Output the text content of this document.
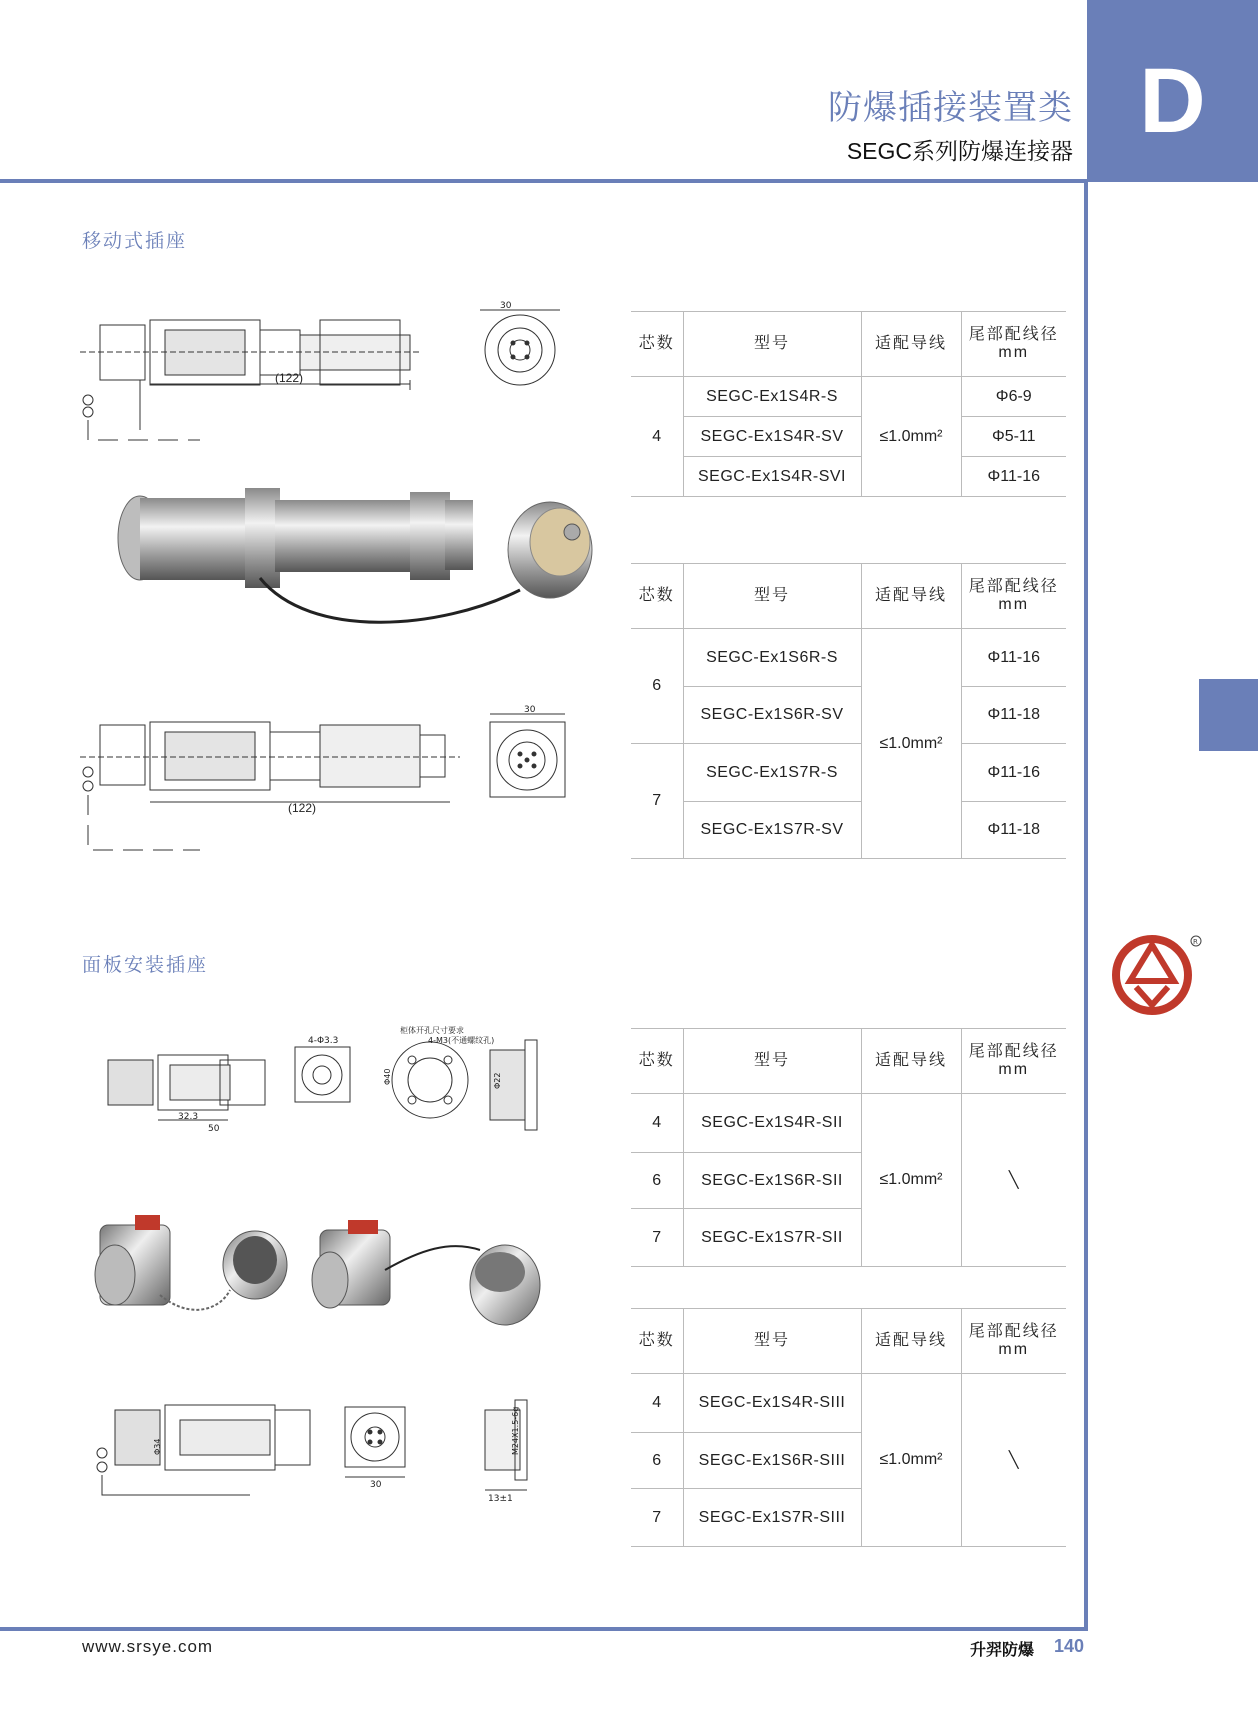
防爆插接装置类
SEGC系列防爆连接器 D
移动式插座
面板安装插座
(122)
30
(122)
30
32.3
50
4-Φ3.3
柜体开孔尺寸要求
4-M3(不通螺纹孔)
Φ40	Φ22
Φ34
30
13±1
M24X1.5-6g
芯数	型号	适配导线	尾部配线径
mm
4	SEGC-Ex1S4R-S	≤1.0mm²	Φ6-9
	SEGC-Ex1S4R-SV		Φ5-11
	SEGC-Ex1S4R-SVI		Φ11-16
芯数	型号	适配导线	尾部配线径
mm
6	SEGC-Ex1S6R-S	≤1.0mm²	Φ11-16
	SEGC-Ex1S6R-SV		Φ11-18
7	SEGC-Ex1S7R-S		Φ11-16
	SEGC-Ex1S7R-SV		Φ11-18
芯数	型号	适配导线	尾部配线径
mm
4	SEGC-Ex1S4R-SII	≤1.0mm²	╲
6	SEGC-Ex1S6R-SII		
7	SEGC-Ex1S7R-SII		
芯数	型号	适配导线	尾部配线径
mm
4	SEGC-Ex1S4R-SIII	≤1.0mm²	╲
6	SEGC-Ex1S6R-SIII		
7	SEGC-Ex1S7R-SIII		
R
www.srsye.com	升羿防爆 140
